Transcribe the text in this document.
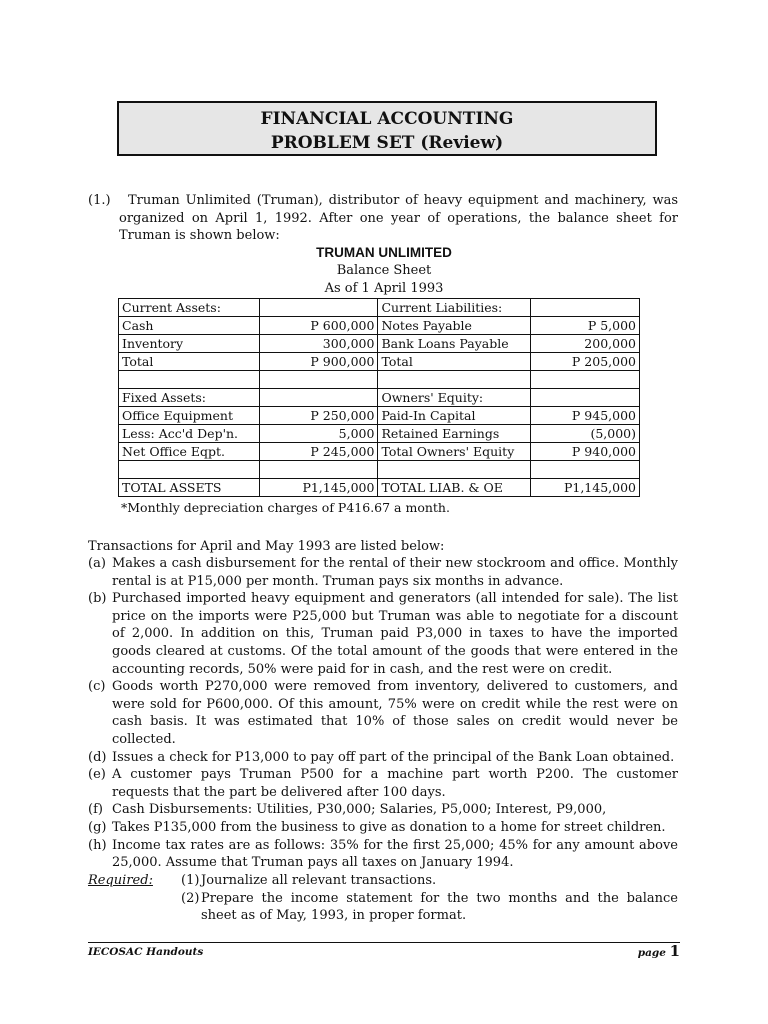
FINANCIAL ACCOUNTING
PROBLEM SET (Review)
(1.)	Truman Unlimited (Truman), distributor of heavy equipment and machinery, was organized on April 1, 1992. After one year of operations, the balance sheet for Truman is shown below:
TRUMAN UNLIMITED
Balance Sheet
As of 1 April 1993
Current Assets:		Current Liabilities:	
Cash	P 600,000	Notes Payable	P 5,000
Inventory	300,000	Bank Loans Payable	200,000
Total	P 900,000	Total	P 205,000

Fixed Assets:		Owners' Equity:	
Office Equipment	P 250,000	Paid-In Capital	P 945,000
Less: Acc'd Dep'n.	5,000	Retained Earnings	(5,000)
Net Office Eqpt.	P 245,000	Total Owners' Equity	P 940,000

TOTAL ASSETS	P1,145,000	TOTAL LIAB. & OE	P1,145,000
*Monthly depreciation charges of P416.67 a month.
Transactions for April and May 1993 are listed below:
(a) Makes a cash disbursement for the rental of their new stockroom and office. Monthly rental is at P15,000 per month. Truman pays six months in advance.
(b) Purchased imported heavy equipment and generators (all intended for sale). The list price on the imports were P25,000 but Truman was able to negotiate for a discount of 2,000. In addition on this, Truman paid P3,000 in taxes to have the imported goods cleared at customs. Of the total amount of the goods that were entered in the accounting records, 50% were paid for in cash, and the rest were on credit.
(c) Goods worth P270,000 were removed from inventory, delivered to customers, and were sold for P600,000. Of this amount, 75% were on credit while the rest were on cash basis. It was estimated that 10% of those sales on credit would never be collected.
(d) Issues a check for P13,000 to pay off part of the principal of the Bank Loan obtained.
(e) A customer pays Truman P500 for a machine part worth P200. The customer requests that the part be delivered after 100 days.
(f) Cash Disbursements: Utilities, P30,000; Salaries, P5,000; Interest, P9,000,
(g) Takes P135,000 from the business to give as donation to a home for street children.
(h) Income tax rates are as follows: 35% for the first 25,000; 45% for any amount above 25,000. Assume that Truman pays all taxes on January 1994.
Required: (1) Journalize all relevant transactions.
(2) Prepare the income statement for the two months and the balance sheet as of May, 1993, in proper format.
IECOSAC Handouts	page 1
